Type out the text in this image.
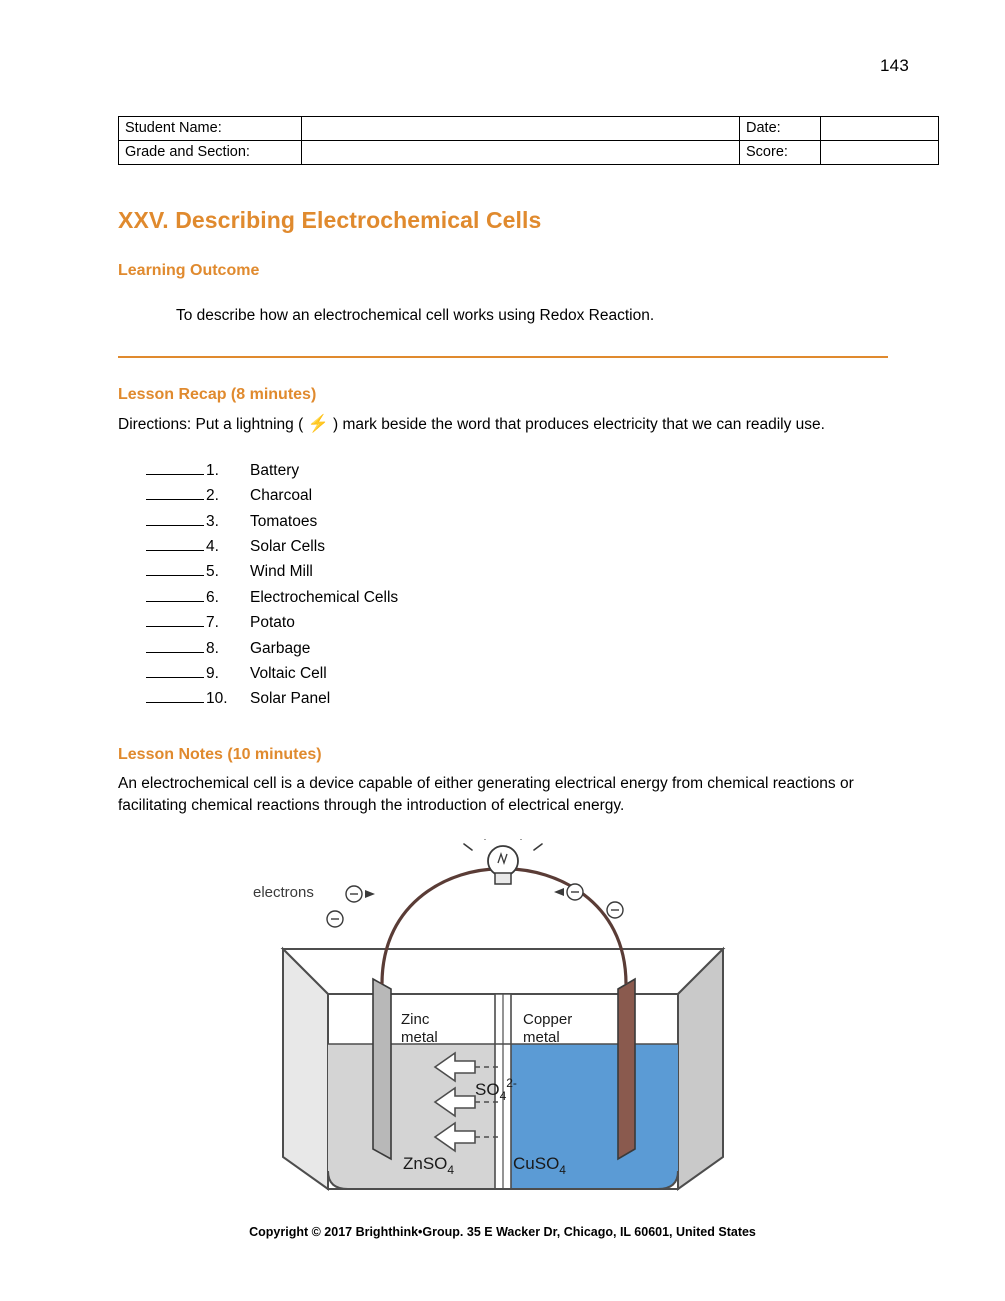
143
Student Name:		Date:	
Grade and Section:		Score:	
XXV. Describing Electrochemical Cells
Learning Outcome

To describe how an electrochemical cell works using Redox Reaction.

Lesson Recap (8 minutes)

Directions: Put a lightning ( ⚡ ) mark beside the word that produces electricity that we can readily use.

1.	Battery
2.	Charcoal
3.	Tomatoes
4.	Solar Cells
5.	Wind Mill
6.	Electrochemical Cells
7.	Potato
8.	Garbage
9.	Voltaic Cell
10.	Solar Panel
Lesson Notes (10 minutes)

An electrochemical cell is a device capable of either generating electrical energy from chemical reactions or facilitating chemical reactions through the introduction of electrical energy.

electrons
Zinc
metal
Copper
metal
ZnSO$_4$	CuSO$_4$
$SO_4^{2-}$
Copyright © 2017 Brighthink•Group. 35 E Wacker Dr, Chicago, IL 60601, United States
